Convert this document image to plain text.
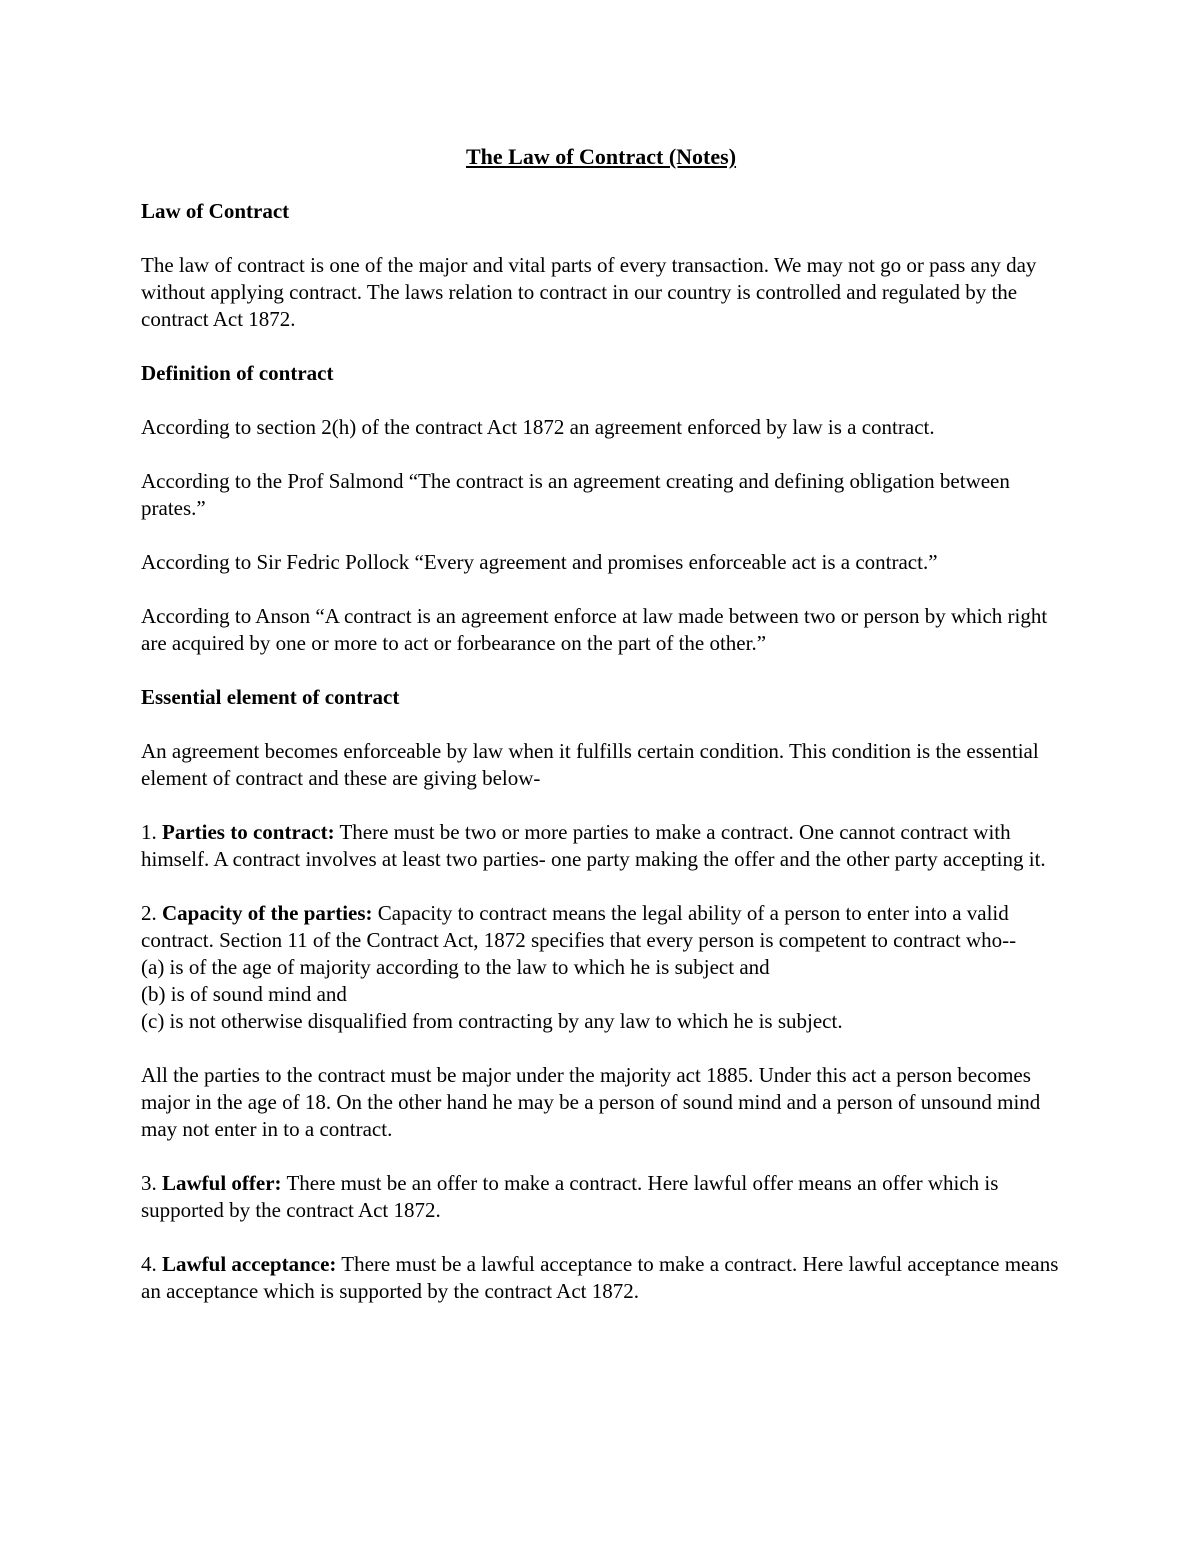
The Law of Contract (Notes)
Law of Contract
The law of contract is one of the major and vital parts of every transaction. We may not go or pass any day without applying contract. The laws relation to contract in our country is controlled and regulated by the contract Act 1872.
Definition of contract
According to section 2(h) of the contract Act 1872 an agreement enforced by law is a contract.
According to the Prof Salmond “The contract is an agreement creating and defining obligation between prates.”
According to Sir Fedric Pollock “Every agreement and promises enforceable act is a contract.”
According to Anson “A contract is an agreement enforce at law made between two or person by which right are acquired by one or more to act or forbearance on the part of the other.”
Essential element of contract
An agreement becomes enforceable by law when it fulfills certain condition. This condition is the essential element of contract and these are giving below-
1. Parties to contract: There must be two or more parties to make a contract. One cannot contract with himself. A contract involves at least two parties- one party making the offer and the other party accepting it.
2. Capacity of the parties: Capacity to contract means the legal ability of a person to enter into a valid contract. Section 11 of the Contract Act, 1872 specifies that every person is competent to contract who--
(a) is of the age of majority according to the law to which he is subject and
(b) is of sound mind and
(c) is not otherwise disqualified from contracting by any law to which he is subject.
All the parties to the contract must be major under the majority act 1885. Under this act a person becomes major in the age of 18. On the other hand he may be a person of sound mind and a person of unsound mind may not enter in to a contract.
3. Lawful offer: There must be an offer to make a contract. Here lawful offer means an offer which is supported by the contract Act 1872.
4. Lawful acceptance: There must be a lawful acceptance to make a contract. Here lawful acceptance means an acceptance which is supported by the contract Act 1872.
